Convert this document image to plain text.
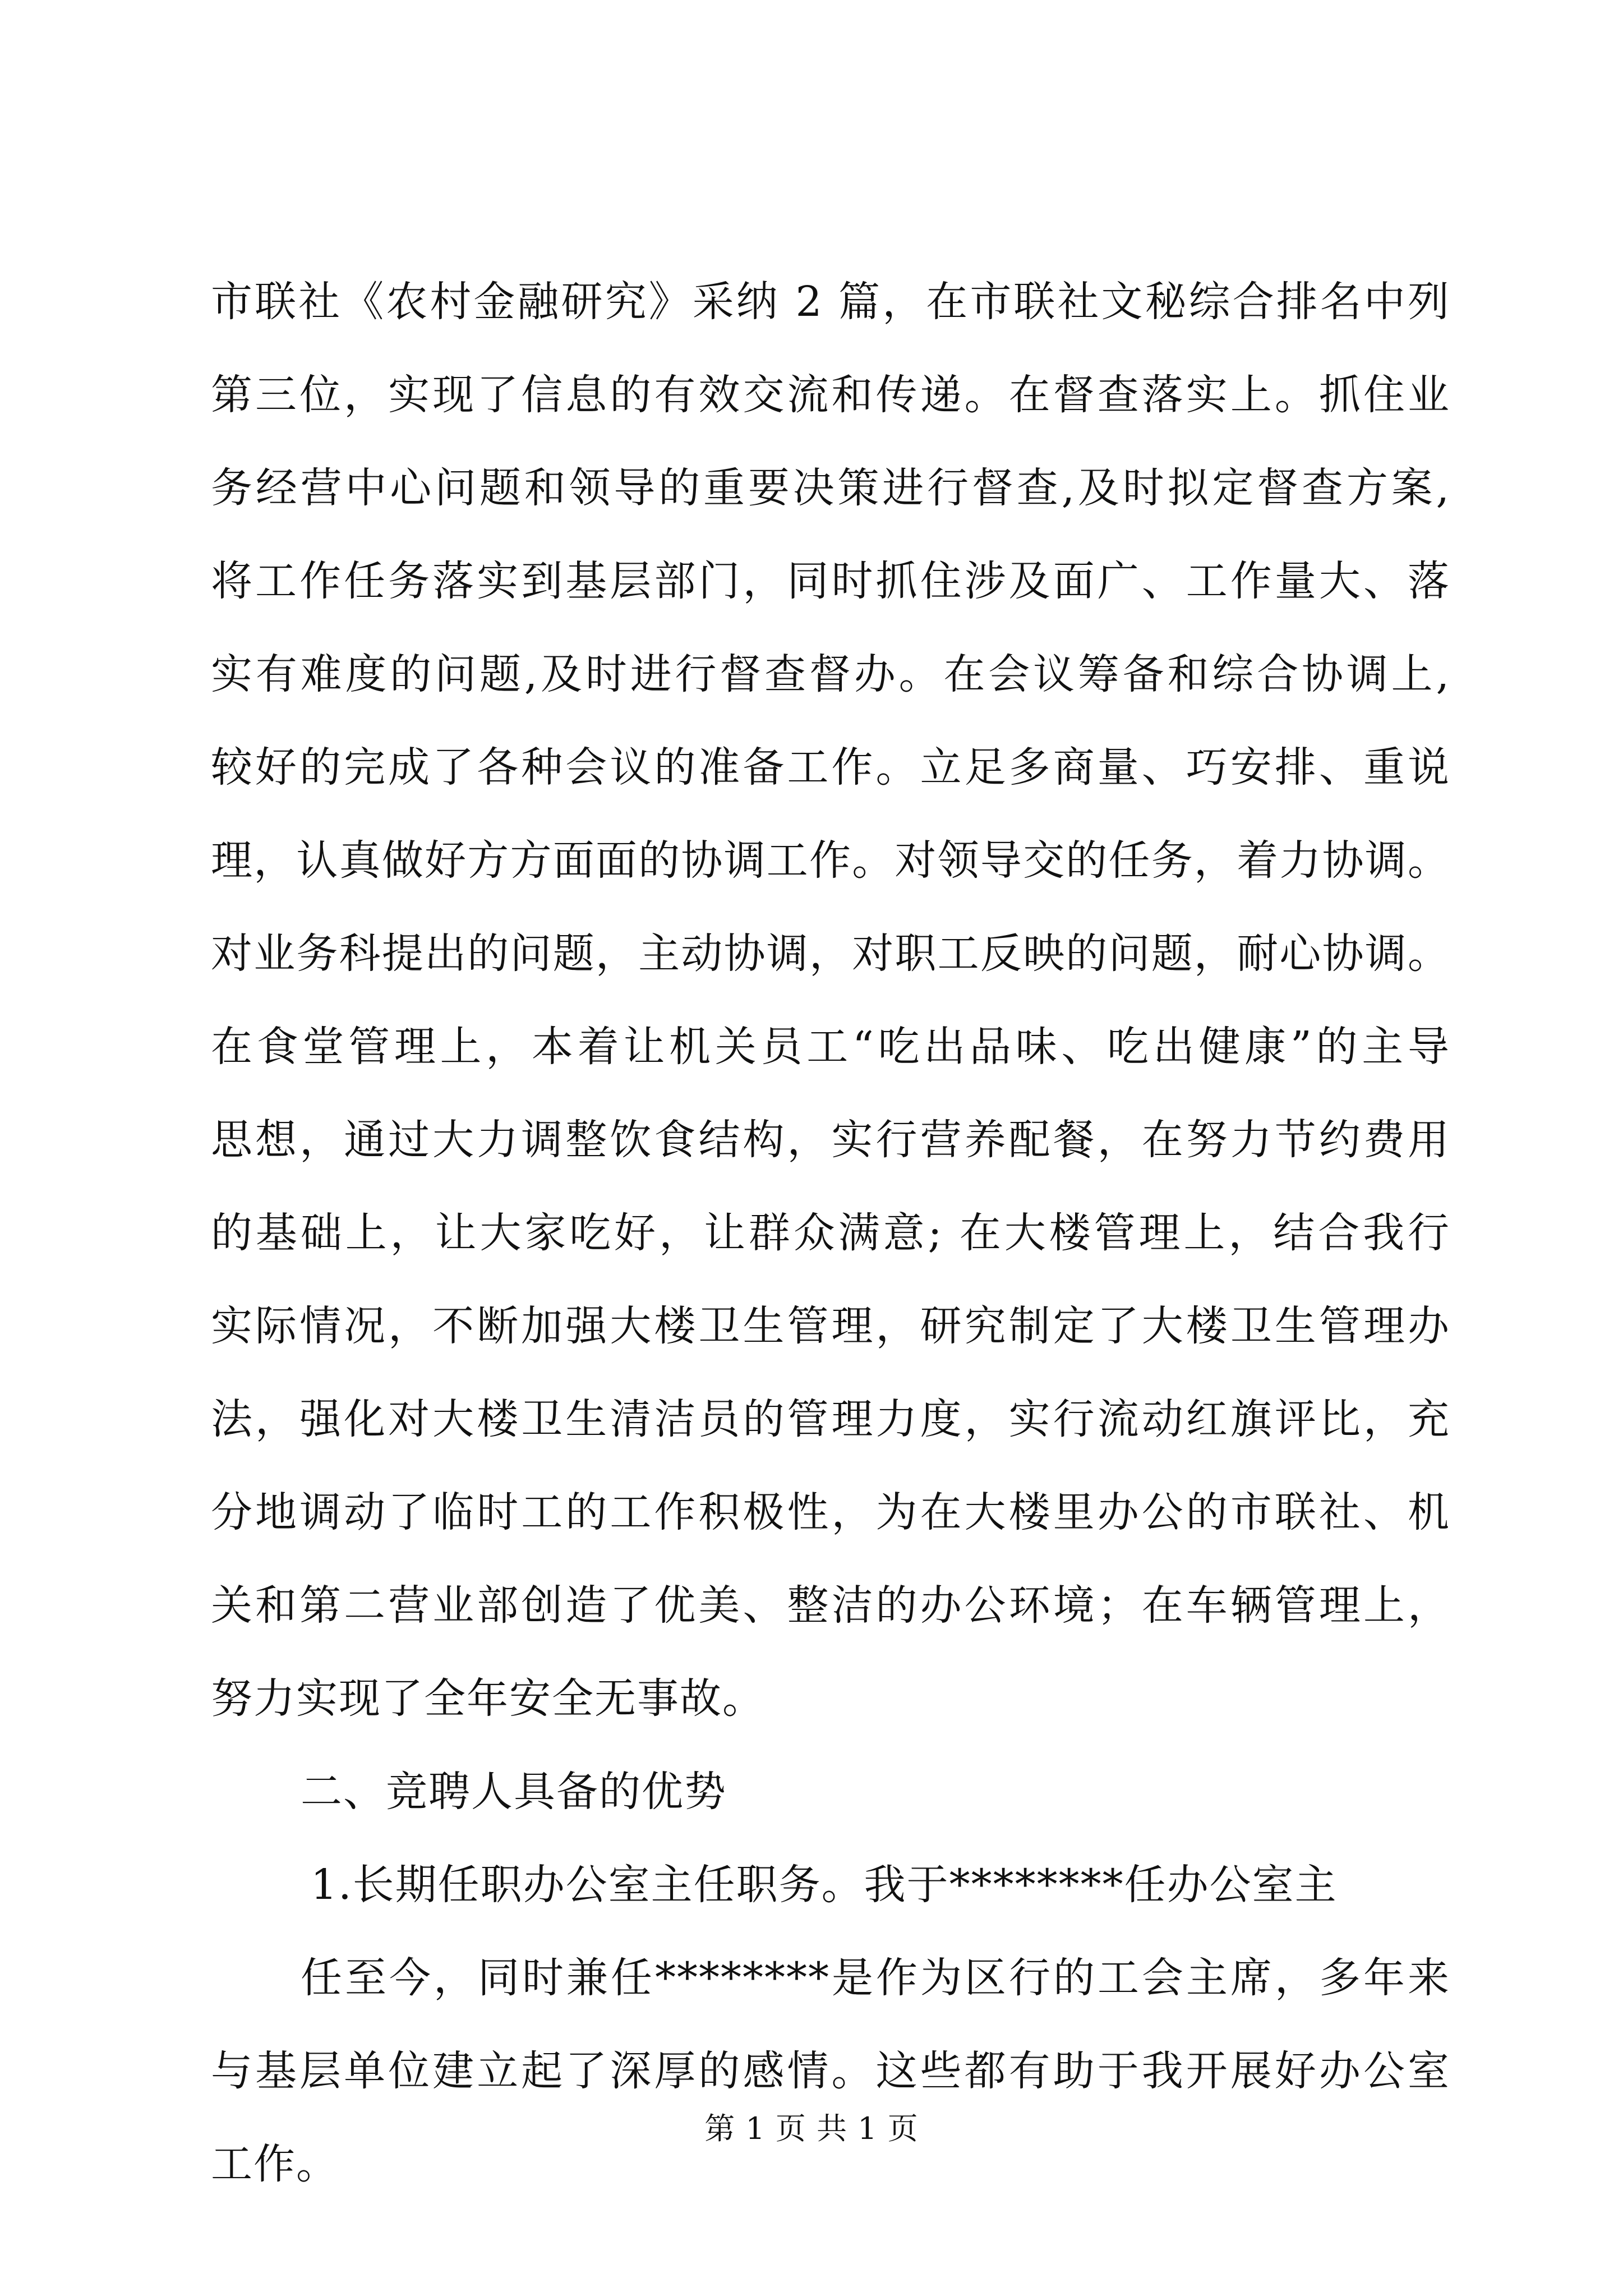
市联社《农村金融研究》采纳 2 篇，在市联社文秘综合排名中列
第三位，实现了信息的有效交流和传递。在督查落实上。抓住业
务经营中心问题和领导的重要决策进行督查,及时拟定督查方案,
将工作任务落实到基层部门，同时抓住涉及面广、工作量大、落
实有难度的问题,及时进行督查督办。在会议筹备和综合协调上,
较好的完成了各种会议的准备工作。立足多商量、巧安排、重说
理，认真做好方方面面的协调工作。对领导交的任务，着力协调。
对业务科提出的问题，主动协调，对职工反映的问题，耐心协调。
在食堂管理上，本着让机关员工“吃出品味、吃出健康”的主导
思想，通过大力调整饮食结构，实行营养配餐，在努力节约费用
的基础上，让大家吃好，让群众满意; 在大楼管理上，结合我行
实际情况，不断加强大楼卫生管理，研究制定了大楼卫生管理办
法，强化对大楼卫生清洁员的管理力度，实行流动红旗评比，充
分地调动了临时工的工作积极性，为在大楼里办公的市联社、机
关和第二营业部创造了优美、整洁的办公环境；在车辆管理上，
努力实现了全年安全无事故。
二、竞聘人具备的优势
1.长期任职办公室主任职务。我于********任办公室主
任至今，同时兼任********是作为区行的工会主席，多年来
与基层单位建立起了深厚的感情。这些都有助于我开展好办公室
工作。
第 1 页 共 1 页
